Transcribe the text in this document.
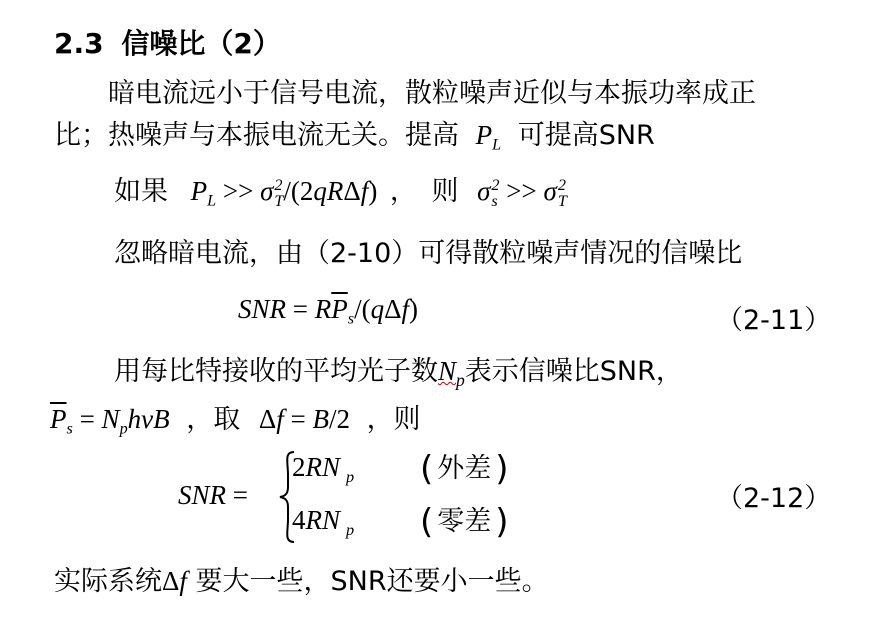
2.3 信噪比（2）
暗电流远小于信号电流，散粒噪声近似与本振功率成正
比；热噪声与本振电流无关。提高 $P_L$ 可提高SNR
如果 $P_L >> \sigma$ 2
T /(2qRΔf) ， 则 σ 2
s >> σ 2
T
忽略暗电流，由（2-10）可得散粒噪声情况的信噪比
SNR = $R\overline{P}_s/(q\Delta f)$	（2-11）
用每比特接收的平均光子数$N_p$表示信噪比SNR，
$\overline{P}_s = N_ph\nu B$ ，取 Δf = B/2 ，则
SNR =
2RN $_p$ ( 外差 )
4RN $_p$ ( 零差 )
（2-12）
实际系统Δf 要大一些，SNR还要小一些。
